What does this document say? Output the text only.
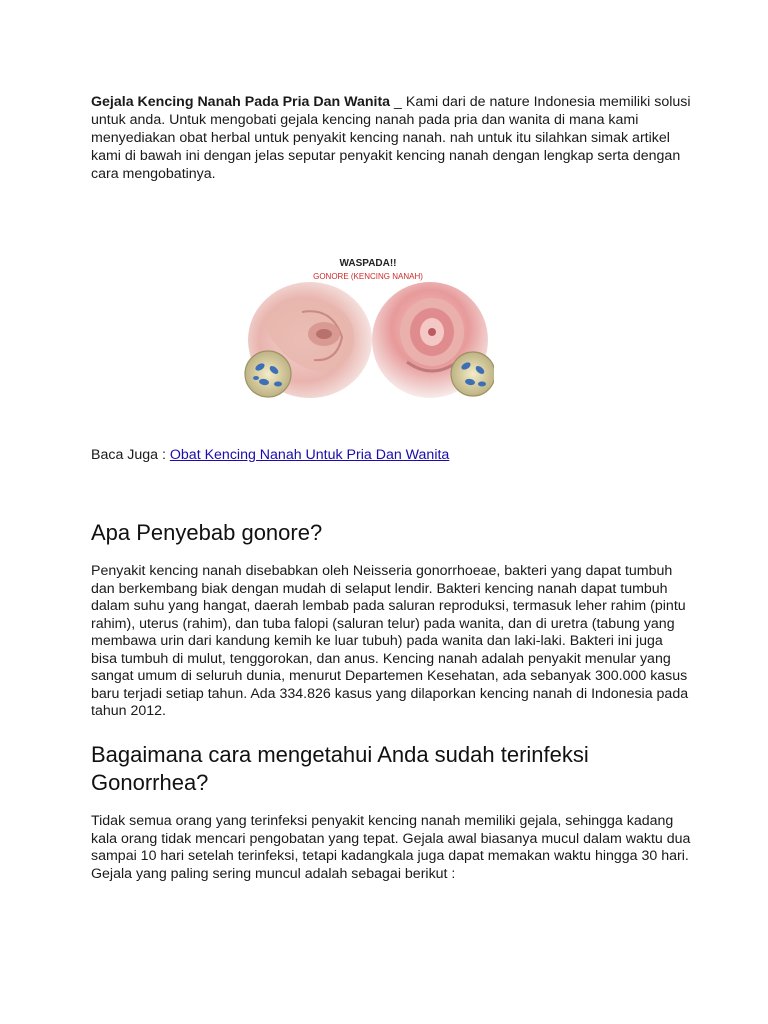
Gejala Kencing Nanah Pada Pria Dan Wanita _ Kami dari de nature Indonesia memiliki solusi untuk anda. Untuk mengobati gejala kencing nanah pada pria dan wanita di mana kami menyediakan obat herbal untuk penyakit kencing nanah. nah untuk itu silahkan simak artikel kami di bawah ini dengan jelas seputar penyakit kencing nanah dengan lengkap serta dengan cara mengobatinya.

WASPADA!!
GONORE (KENCING NANAH)

Baca Juga : Obat Kencing Nanah Untuk Pria Dan Wanita

Apa Penyebab gonore?

Penyakit kencing nanah disebabkan oleh Neisseria gonorrhoeae, bakteri yang dapat tumbuh dan berkembang biak dengan mudah di selaput lendir. Bakteri kencing nanah dapat tumbuh dalam suhu yang hangat, daerah lembab pada saluran reproduksi, termasuk leher rahim (pintu rahim), uterus (rahim), dan tuba falopi (saluran telur) pada wanita, dan di uretra (tabung yang membawa urin dari kandung kemih ke luar tubuh) pada wanita dan laki-laki. Bakteri ini juga bisa tumbuh di mulut, tenggorokan, dan anus. Kencing nanah adalah penyakit menular yang sangat umum di seluruh dunia, menurut Departemen Kesehatan, ada sebanyak 300.000 kasus baru terjadi setiap tahun. Ada 334.826 kasus yang dilaporkan kencing nanah di Indonesia pada tahun 2012.

Bagaimana cara mengetahui Anda sudah terinfeksi Gonorrhea?

Tidak semua orang yang terinfeksi penyakit kencing nanah memiliki gejala, sehingga kadang kala orang tidak mencari pengobatan yang tepat. Gejala awal biasanya mucul dalam waktu dua sampai 10 hari setelah terinfeksi, tetapi kadangkala juga dapat memakan waktu hingga 30 hari. Gejala yang paling sering muncul adalah sebagai berikut :
